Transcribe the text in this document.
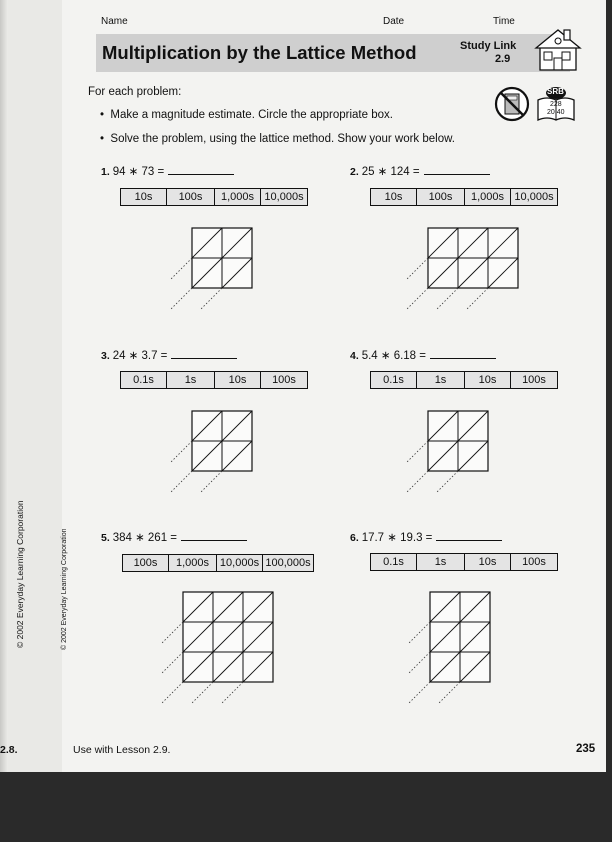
Name	Date	Time
Multiplication by the Lattice Method	Study Link
2.9
For each problem:
•  Make a magnitude estimate. Circle the appropriate box.
•  Solve the problem, using the lattice method. Show your work below.
SRB
228
20 40
1. 94 ∗ 73 =
10s	100s	1,000s 10,000s
2. 25 ∗ 124 =
10s	100s	1,000s 10,000s
3. 24 ∗ 3.7 =
0.1s	1s	10s	100s
4. 5.4 ∗ 6.18 =
0.1s	1s	10s	100s
5. 384 ∗ 261 =
100s	1,000s 10,000s 100,000s
6. 17.7 ∗ 19.3 =
0.1s	1s	10s	100s
© 2002 Everyday Learning Corporation	© 2002 Everyday Learning Corporation
2.8.	Use with Lesson 2.9.	235
